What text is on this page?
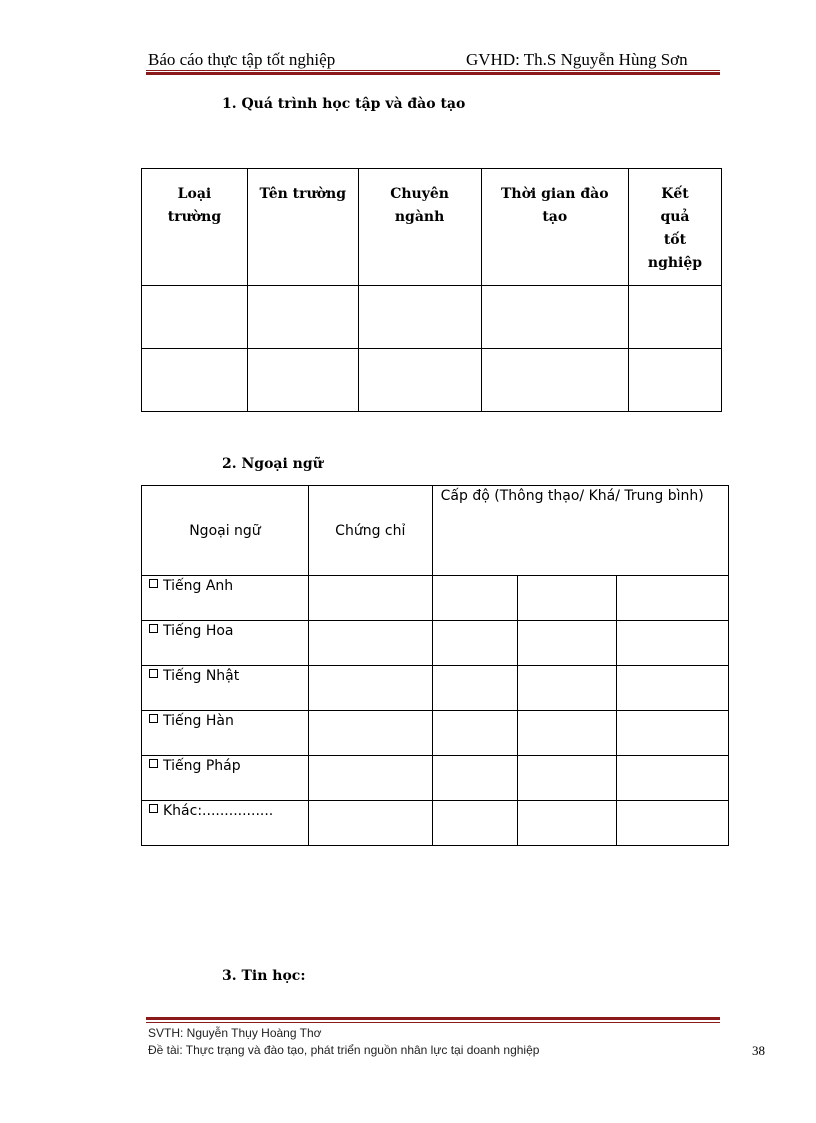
Báo cáo thực tập tốt nghiệp	GVHD: Th.S Nguyễn Hùng Sơn
1. Quá trình học tập và đào tạo
Loại trường	Tên trường	Chuyên ngành	Thời gian đào tạo	Kết quả tốt nghiệp

2. Ngoại ngữ
Ngoại ngữ	Chứng chỉ	Cấp độ (Thông thạo/ Khá/ Trung bình)		

Tiếng Anh				

Tiếng Hoa				

Tiếng Nhật				

Tiếng Hàn				

Tiếng Pháp				

Khác:................				

3. Tin học:
SVTH: Nguyễn Thụy Hoàng Thơ
Đề tài: Thực trạng và đào tạo, phát triển nguồn nhân lực tại doanh nghiệp	38
